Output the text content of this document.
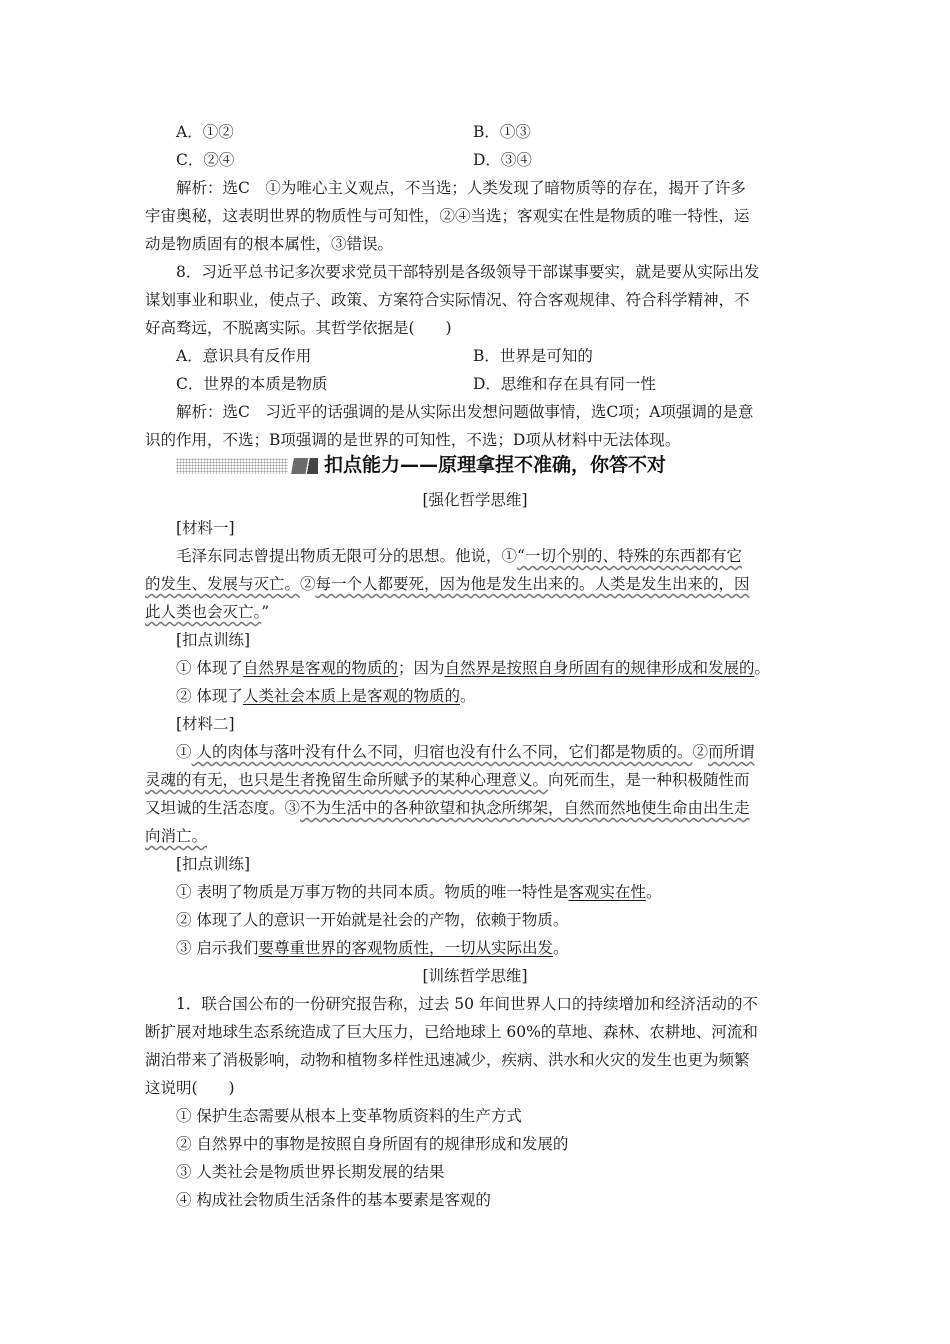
A．①②	B．①③
C．②④	D．③④
解析：选C　①为唯心主义观点，不当选；人类发现了暗物质等的存在，揭开了许多
宇宙奥秘，这表明世界的物质性与可知性，②④当选；客观实在性是物质的唯一特性，运
动是物质固有的根本属性，③错误。
8．习近平总书记多次要求党员干部特别是各级领导干部谋事要实，就是要从实际出发
谋划事业和职业，使点子、政策、方案符合实际情况、符合客观规律、符合科学精神，不
好高骛远，不脱离实际。其哲学依据是(　　)
A．意识具有反作用	B．世界是可知的
C．世界的本质是物质	D．思维和存在具有同一性
解析：选C　习近平的话强调的是从实际出发想问题做事情，选C项；A项强调的是意
识的作用，不选；B项强调的是世界的可知性，不选；D项从材料中无法体现。
扣点能力——原理拿捏不准确，你答不对
[强化哲学思维]
[材料一]
毛泽东同志曾提出物质无限可分的思想。他说，①“一切个别的、特殊的东西都有它
的发生、发展与灭亡。②每一个人都要死，因为他是发生出来的。人类是发生出来的，因
此人类也会灭亡。”
[扣点训练]
① 体现了自然界是客观的物质的；因为自然界是按照自身所固有的规律形成和发展的。
② 体现了人类社会本质上是客观的物质的。
[材料二]
① 人的肉体与落叶没有什么不同，归宿也没有什么不同，它们都是物质的。②而所谓
灵魂的有无，也只是生者挽留生命所赋予的某种心理意义。向死而生，是一种积极随性而
又坦诚的生活态度。③不为生活中的各种欲望和执念所绑架，自然而然地使生命由出生走
向消亡。
[扣点训练]
① 表明了物质是万事万物的共同本质。物质的唯一特性是客观实在性。
② 体现了人的意识一开始就是社会的产物，依赖于物质。
③ 启示我们要尊重世界的客观物质性，一切从实际出发。
[训练哲学思维]
1．联合国公布的一份研究报告称，过去 50 年间世界人口的持续增加和经济活动的不
断扩展对地球生态系统造成了巨大压力，已给地球上 60%的草地、森林、农耕地、河流和
湖泊带来了消极影响，动物和植物多样性迅速减少，疾病、洪水和火灾的发生也更为频繁
这说明(　　)
① 保护生态需要从根本上变革物质资料的生产方式
② 自然界中的事物是按照自身所固有的规律形成和发展的
③ 人类社会是物质世界长期发展的结果
④ 构成社会物质生活条件的基本要素是客观的
